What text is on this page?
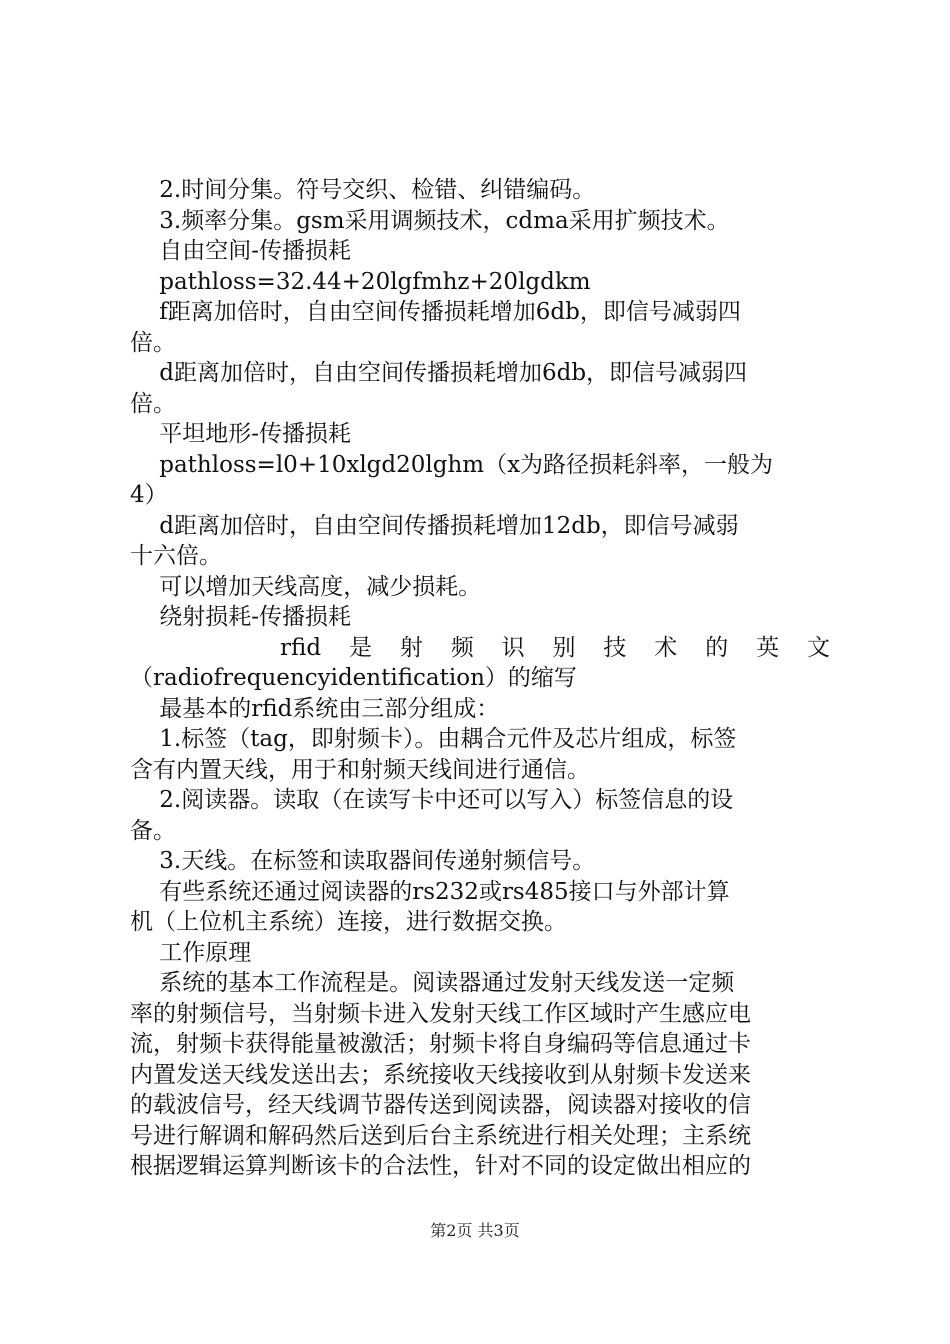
2.时间分集。符号交织、检错、纠错编码。
3.频率分集。gsm采用调频技术，cdma采用扩频技术。
自由空间-传播损耗
pathloss=32.44+20lgfmhz+20lgdkm
f距离加倍时，自由空间传播损耗增加6db，即信号减弱四
倍。
d距离加倍时，自由空间传播损耗增加6db，即信号减弱四
倍。
平坦地形-传播损耗
pathloss=l0+10xlgd20lghm（x为路径损耗斜率，一般为
4）
d距离加倍时，自由空间传播损耗增加12db，即信号减弱
十六倍。
可以增加天线高度，减少损耗。
绕射损耗-传播损耗
rfid 是 射 频 识 别 技 术 的 英 文
（radiofrequencyidentification）的缩写
最基本的rfid系统由三部分组成：
1.标签（tag，即射频卡）。由耦合元件及芯片组成，标签
含有内置天线，用于和射频天线间进行通信。
2.阅读器。读取（在读写卡中还可以写入）标签信息的设
备。
3.天线。在标签和读取器间传递射频信号。
有些系统还通过阅读器的rs232或rs485接口与外部计算
机（上位机主系统）连接，进行数据交换。
工作原理
系统的基本工作流程是。阅读器通过发射天线发送一定频
率的射频信号，当射频卡进入发射天线工作区域时产生感应电
流，射频卡获得能量被激活；射频卡将自身编码等信息通过卡
内置发送天线发送出去；系统接收天线接收到从射频卡发送来
的载波信号，经天线调节器传送到阅读器，阅读器对接收的信
号进行解调和解码然后送到后台主系统进行相关处理；主系统
根据逻辑运算判断该卡的合法性，针对不同的设定做出相应的
第2页 共3页
